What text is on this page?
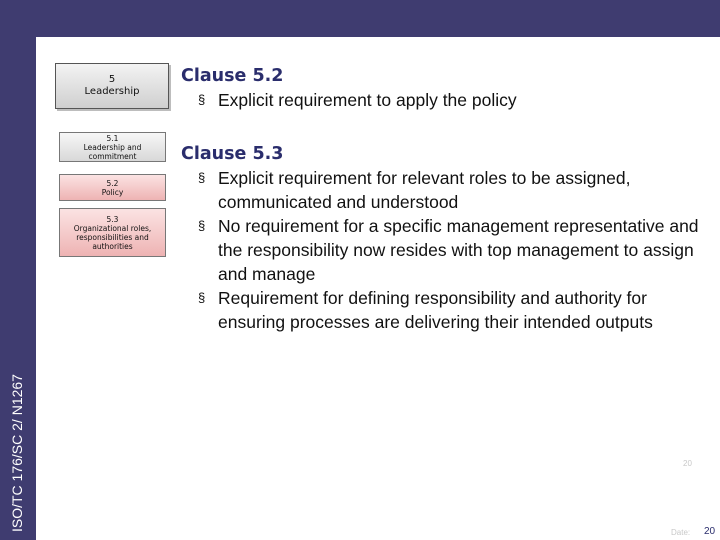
ISO/TC 176/SC 2/ N1267
5
Leadership
5.1
Leadership and commitment
5.2
Policy
5.3
Organizational roles, responsibilities and authorities
Clause 5.2
§ Explicit requirement to apply the policy
Clause 5.3
§ Explicit requirement for relevant roles to be assigned, communicated and understood
§ No requirement for a specific management representative and the responsibility now resides with top management to assign and manage
§ Requirement for defining responsibility and authority for ensuring processes are delivering their intended outputs
20
Date: 20
